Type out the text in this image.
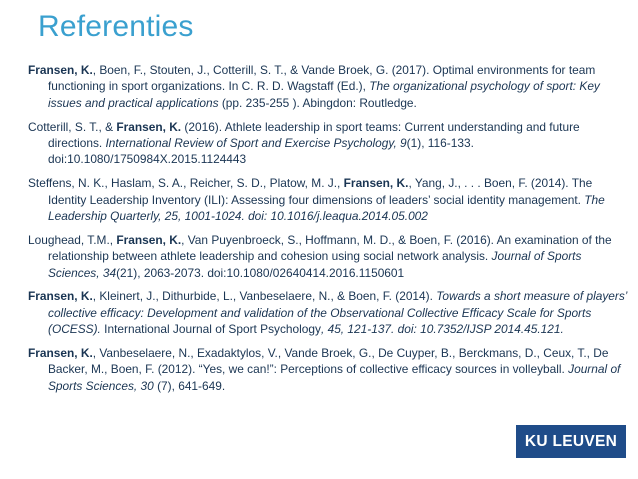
Referenties

Fransen, K., Boen, F., Stouten, J., Cotterill, S. T., & Vande Broek, G. (2017). Optimal environments for team functioning in sport organizations. In C. R. D. Wagstaff (Ed.), The organizational psychology of sport: Key issues and practical applications (pp. 235-255 ). Abingdon: Routledge.

Cotterill, S. T., & Fransen, K. (2016). Athlete leadership in sport teams: Current understanding and future directions. International Review of Sport and Exercise Psychology, 9(1), 116-133. doi:10.1080/1750984X.2015.1124443

Steffens, N. K., Haslam, S. A., Reicher, S. D., Platow, M. J., Fransen, K., Yang, J., . . . Boen, F. (2014). The Identity Leadership Inventory (ILI): Assessing four dimensions of leaders’ social identity management. The Leadership Quarterly, 25, 1001-1024. doi: 10.1016/j.leaqua.2014.05.002

Loughead, T.M., Fransen, K., Van Puyenbroeck, S., Hoffmann, M. D., & Boen, F. (2016). An examination of the relationship between athlete leadership and cohesion using social network analysis. Journal of Sports Sciences, 34(21), 2063-2073. doi:10.1080/02640414.2016.1150601

Fransen, K., Kleinert, J., Dithurbide, L., Vanbeselaere, N., & Boen, F. (2014). Towards a short measure of players’ collective efficacy: Development and validation of the Observational Collective Efficacy Scale for Sports (OCESS). International Journal of Sport Psychology, 45, 121-137. doi: 10.7352/IJSP 2014.45.121.

Fransen, K., Vanbeselaere, N., Exadaktylos, V., Vande Broek, G., De Cuyper, B., Berckmans, D., Ceux, T., De Backer, M., Boen, F. (2012). “Yes, we can!”: Perceptions of collective efficacy sources in volleyball. Journal of Sports Sciences, 30 (7), 641-649.

KU LEUVEN
